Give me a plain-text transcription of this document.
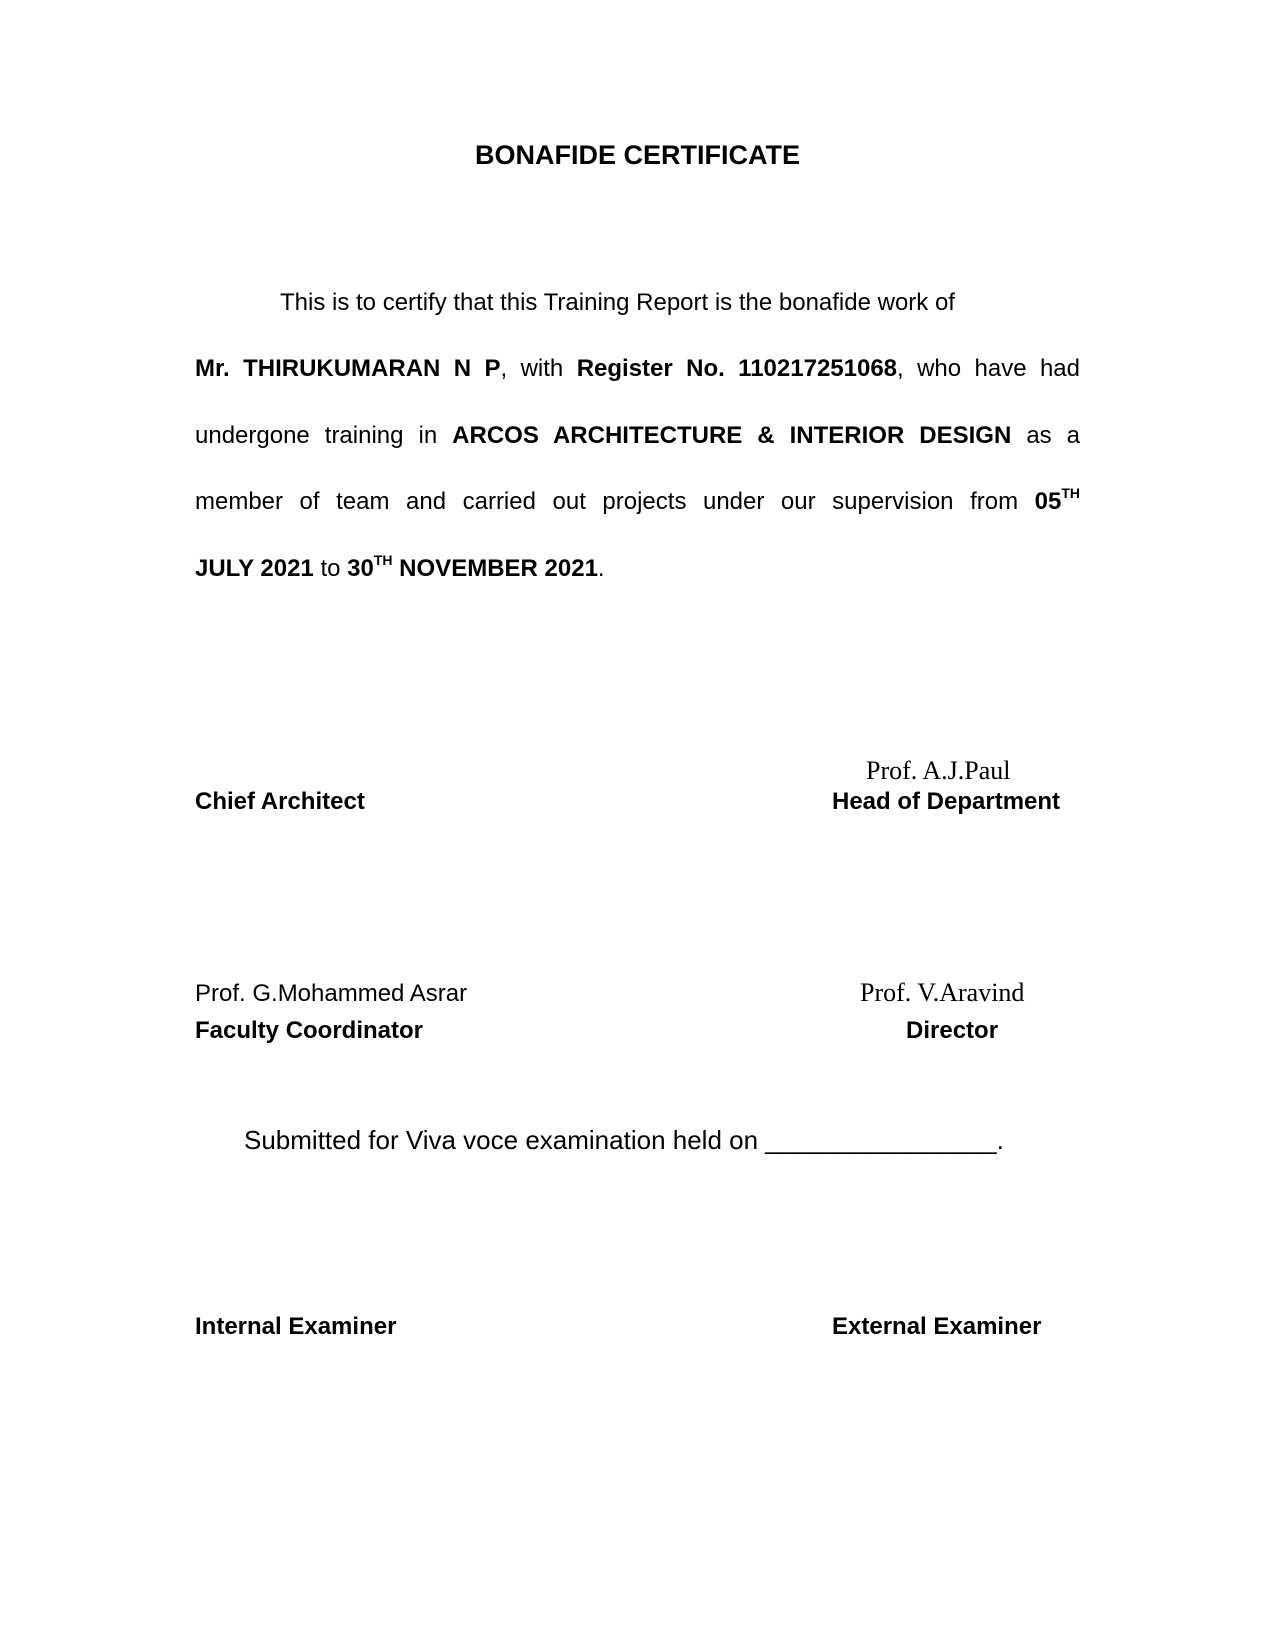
BONAFIDE CERTIFICATE
This is to certify that this Training Report is the bonafide work of
Mr. THIRUKUMARAN N P, with Register No. 110217251068, who have had
undergone training in ARCOS ARCHITECTURE & INTERIOR DESIGN as a
member of team and carried out projects under our supervision from 05TH
JULY 2021 to 30TH NOVEMBER 2021.
Chief Architect
Prof. A.J.Paul
Head of Department
Prof. G.Mohammed Asrar
Faculty Coordinator
Prof. V.Aravind
Director
Submitted for Viva voce examination held on ________________.
Internal Examiner	External Examiner
